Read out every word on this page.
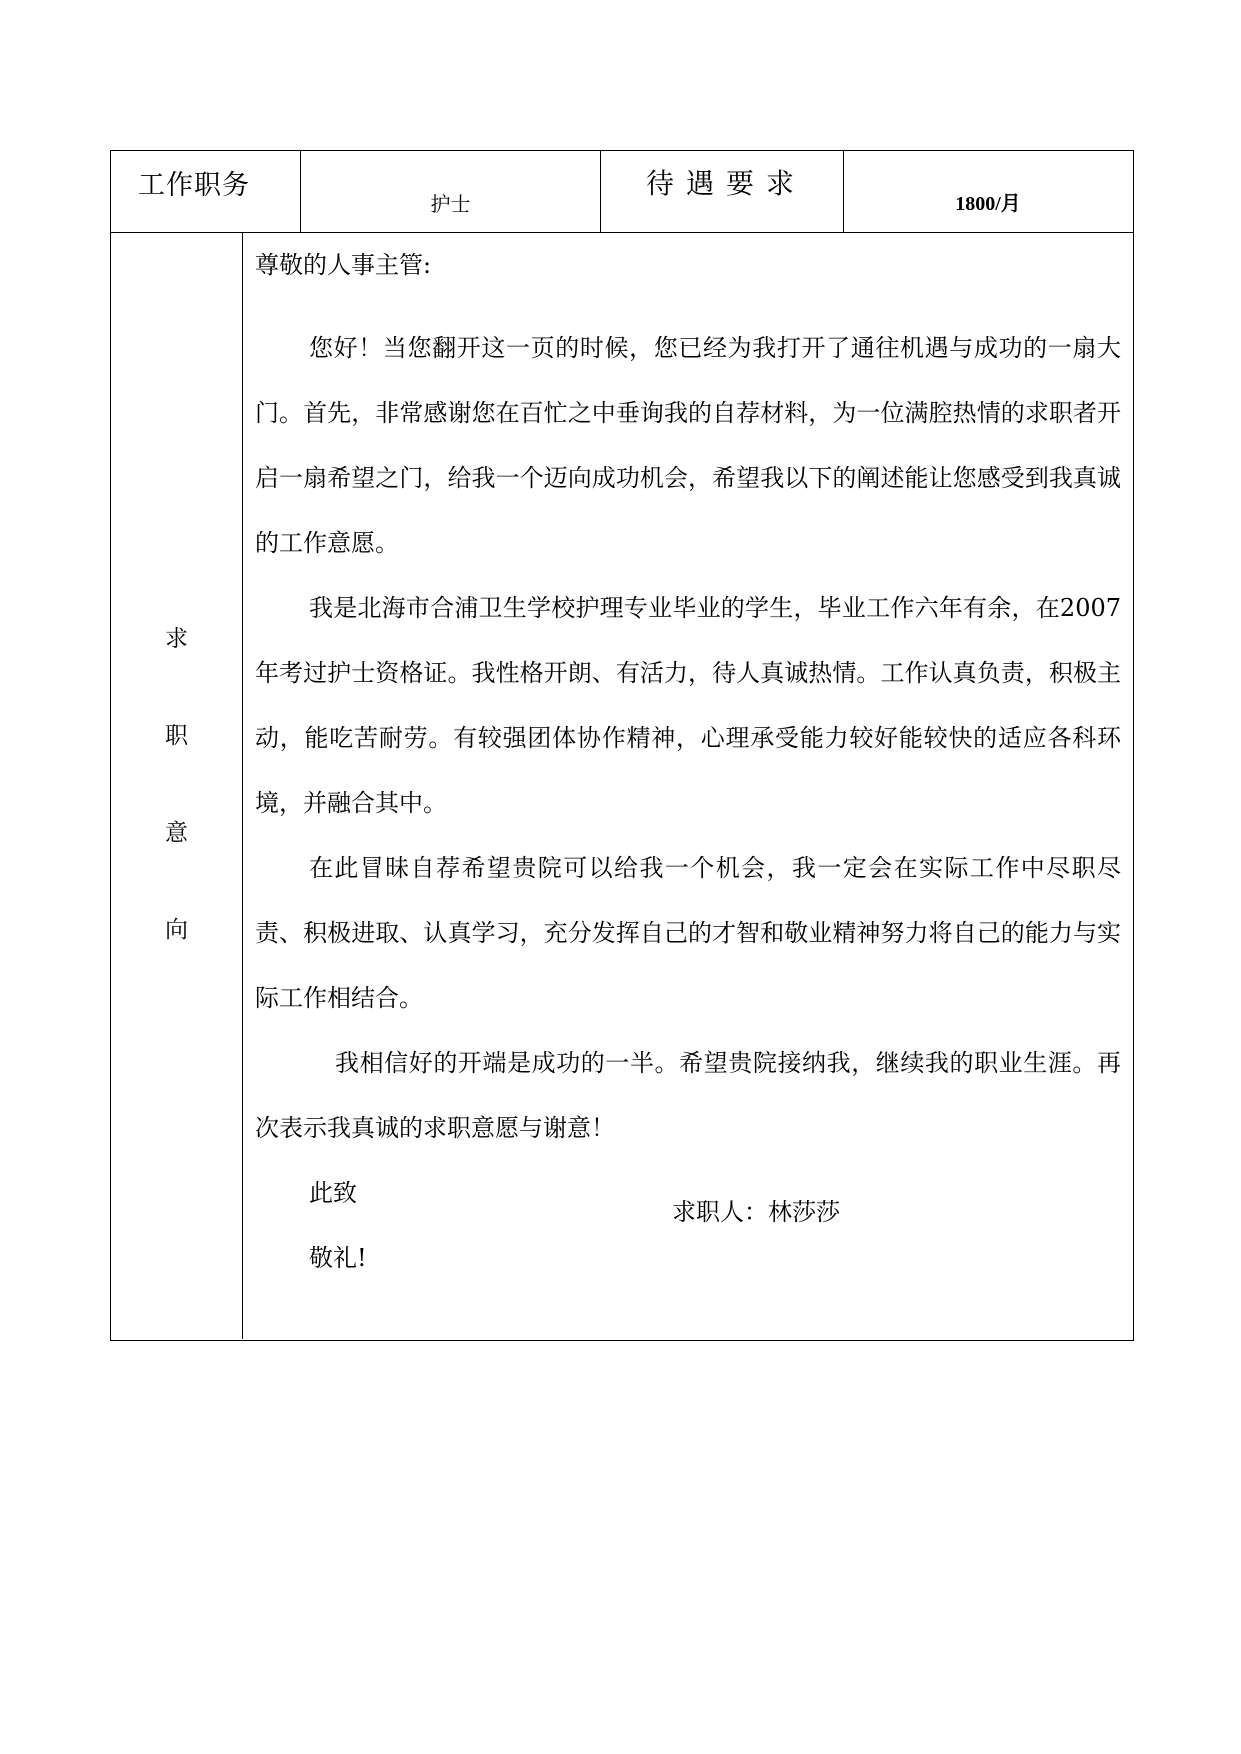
工作职务
护士
待遇要求
1800/月
求
职
意
向

尊敬的人事主管:

您好！当您翻开这一页的时候，您已经为我打开了通往机遇与成功的一扇大门。首先，非常感谢您在百忙之中垂询我的自荐材料，为一位满腔热情的求职者开启一扇希望之门，给我一个迈向成功机会，希望我以下的阐述能让您感受到我真诚的工作意愿。

我是北海市合浦卫生学校护理专业毕业的学生，毕业工作六年有余，在2007年考过护士资格证。我性格开朗、有活力，待人真诚热情。工作认真负责，积极主动，能吃苦耐劳。有较强团体协作精神，心理承受能力较好能较快的适应各科环境，并融合其中。

在此冒昧自荐希望贵院可以给我一个机会，我一定会在实际工作中尽职尽责、积极进取、认真学习，充分发挥自己的才智和敬业精神努力将自己的能力与实际工作相结合。

我相信好的开端是成功的一半。希望贵院接纳我，继续我的职业生涯。再次表示我真诚的求职意愿与谢意！

此致

敬礼!

求职人：林莎莎
